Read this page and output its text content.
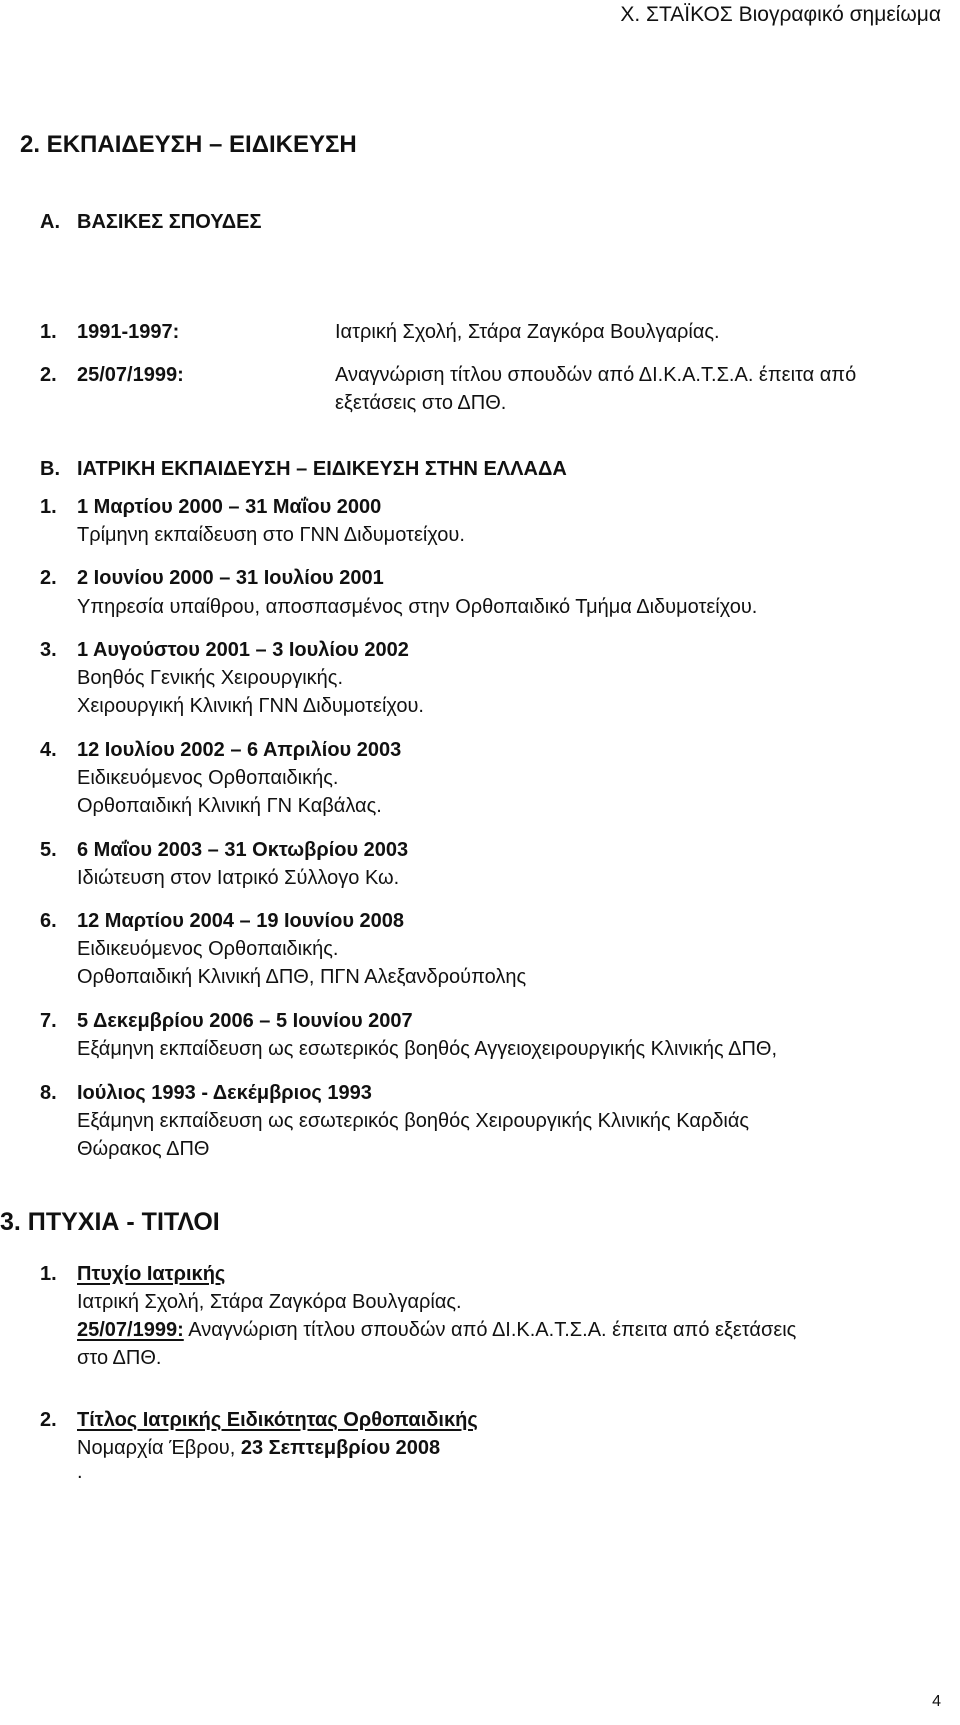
Χ. ΣΤΑΪΚΟΣ Βιογραφικό σημείωμα
2. ΕΚΠΑΙΔΕΥΣΗ – ΕΙΔΙΚΕΥΣΗ
Α. ΒΑΣΙΚΕΣ ΣΠΟΥΔΕΣ
1. 1991-1997:	Ιατρική Σχολή, Στάρα Ζαγκόρα Βουλγαρίας.
2. 25/07/1999:	Αναγνώριση τίτλου σπουδών από ΔΙ.Κ.Α.Τ.Σ.Α. έπειτα από
εξετάσεις στο ΔΠΘ.
Β. ΙΑΤΡΙΚΗ ΕΚΠΑΙΔΕΥΣΗ – ΕΙΔΙΚΕΥΣΗ ΣΤΗΝ ΕΛΛΑΔΑ
1. 1 Μαρτίου 2000 – 31 Μαΐου 2000
Τρίμηνη εκπαίδευση στο ΓΝΝ Διδυμοτείχου.
2. 2 Ιουνίου 2000 – 31 Ιουλίου 2001
Υπηρεσία υπαίθρου, αποσπασμένος στην Ορθοπαιδικό Τμήμα Διδυμοτείχου.
3. 1 Αυγούστου 2001 – 3 Ιουλίου 2002
Βοηθός Γενικής Χειρουργικής.
Χειρουργική Κλινική ΓΝΝ Διδυμοτείχου.
4. 12 Ιουλίου 2002 – 6 Απριλίου 2003
Ειδικευόμενος Ορθοπαιδικής.
Ορθοπαιδική Κλινική ΓΝ Καβάλας.
5. 6 Μαΐου 2003 – 31 Οκτωβρίου 2003
Ιδιώτευση στον Ιατρικό Σύλλογο Κω.
6. 12 Μαρτίου 2004 – 19 Ιουνίου 2008
Ειδικευόμενος Ορθοπαιδικής.
Ορθοπαιδική Κλινική ΔΠΘ, ΠΓΝ Αλεξανδρούπολης
7. 5 Δεκεμβρίου 2006 – 5 Ιουνίου 2007
Εξάμηνη εκπαίδευση ως εσωτερικός βοηθός Αγγειοχειρουργικής Κλινικής ΔΠΘ,
8. Ιούλιος 1993 - Δεκέμβριος 1993
Εξάμηνη εκπαίδευση ως εσωτερικός βοηθός Χειρουργικής Κλινικής Καρδιάς
Θώρακος ΔΠΘ
3. ΠΤΥΧΙΑ - ΤΙΤΛΟΙ
1. Πτυχίο Ιατρικής
Ιατρική Σχολή, Στάρα Ζαγκόρα Βουλγαρίας.
25/07/1999: Αναγνώριση τίτλου σπουδών από ΔΙ.Κ.Α.Τ.Σ.Α. έπειτα από εξετάσεις
στο ΔΠΘ.
2. Τίτλος Ιατρικής Ειδικότητας Ορθοπαιδικής
Νομαρχία Έβρου, 23 Σεπτεμβρίου 2008
.
4
